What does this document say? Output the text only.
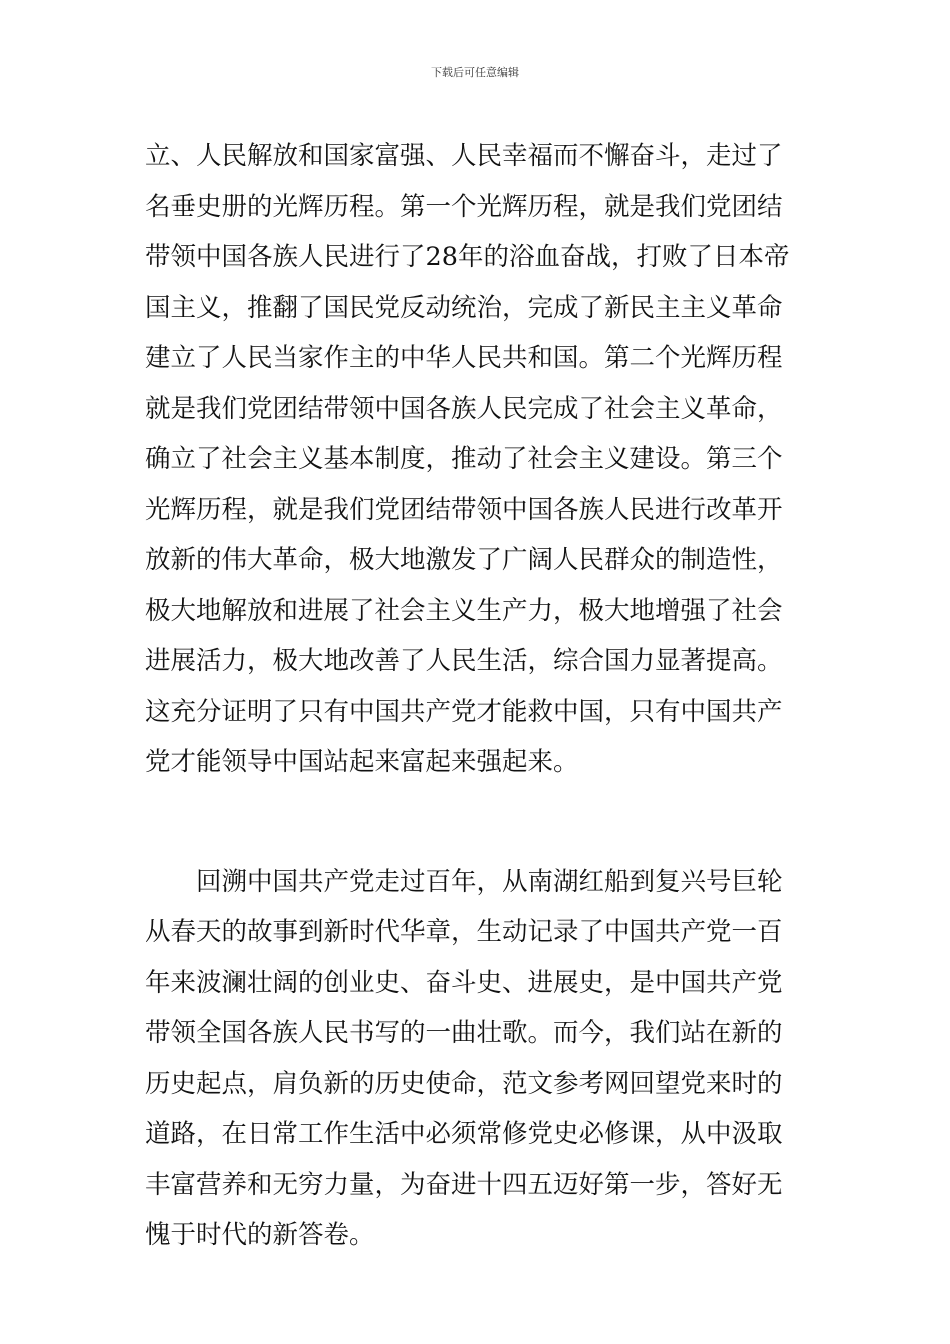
下载后可任意编辑
立、人民解放和国家富强、人民幸福而不懈奋斗，走过了
名垂史册的光辉历程。第一个光辉历程，就是我们党团结
带领中国各族人民进行了28年的浴血奋战，打败了日本帝
国主义，推翻了国民党反动统治，完成了新民主主义革命
建立了人民当家作主的中华人民共和国。第二个光辉历程
就是我们党团结带领中国各族人民完成了社会主义革命，
确立了社会主义基本制度，推动了社会主义建设。第三个
光辉历程，就是我们党团结带领中国各族人民进行改革开
放新的伟大革命，极大地激发了广阔人民群众的制造性，
极大地解放和进展了社会主义生产力，极大地增强了社会
进展活力，极大地改善了人民生活，综合国力显著提高。
这充分证明了只有中国共产党才能救中国，只有中国共产
党才能领导中国站起来富起来强起来。
　　回溯中国共产党走过百年，从南湖红船到复兴号巨轮
从春天的故事到新时代华章，生动记录了中国共产党一百
年来波澜壮阔的创业史、奋斗史、进展史，是中国共产党
带领全国各族人民书写的一曲壮歌。而今，我们站在新的
历史起点，肩负新的历史使命，范文参考网回望党来时的
道路，在日常工作生活中必须常修党史必修课，从中汲取
丰富营养和无穷力量，为奋进十四五迈好第一步，答好无
愧于时代的新答卷。
